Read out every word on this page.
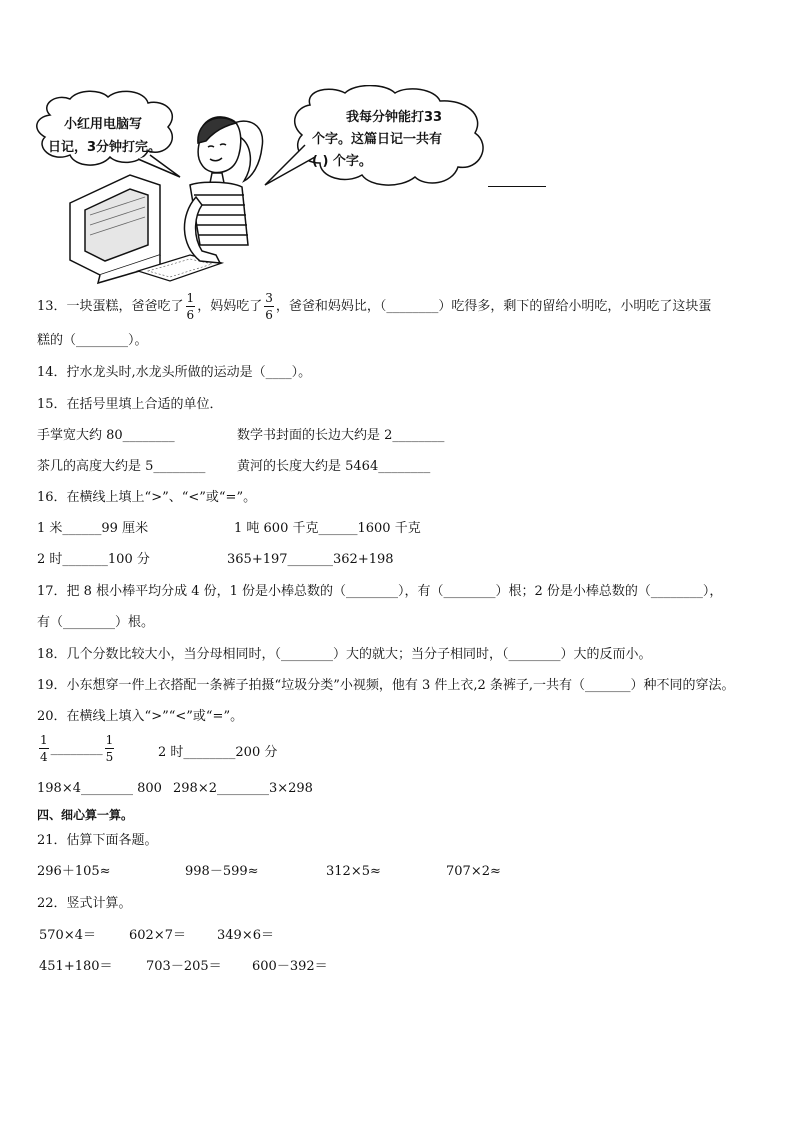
小红用电脑写
日记，3分钟打完。
我每分钟能打33
个字。这篇日记一共有
( ) 个字。
13．一块蛋糕，爸爸吃了 $\frac{1}{6}$ ，妈妈吃了 $\frac{3}{6}$ ，爸爸和妈妈比，（________）吃得多，剩下的留给小明吃，小明吃了这块蛋
糕的（________）。
14．拧水龙头时,水龙头所做的运动是（____）。
15．在括号里填上合适的单位．
手掌宽大约 80________	数学书封面的长边大约是 2________
茶几的高度大约是 5________ 黄河的长度大约是 5464________
16．在横线上填上“>”、“<”或“=”。
1 米______99 厘米	1 吨 600 千克______1600 千克
2 时_______100 分	365+197_______362+198
17．把 8 根小棒平均分成 4 份，1 份是小棒总数的（________），有（________）根；2 份是小棒总数的（________），
有（________）根。
18．几个分数比较大小，当分母相同时，（________）大的就大；当分子相同时，（________）大的反而小。
19．小东想穿一件上衣搭配一条裤子拍摄“垃圾分类”小视频，他有 3 件上衣,2 条裤子,一共有（_______）种不同的穿法。
20．在横线上填入“>”“<”或“=”。
$\frac{1}{4}$ ________ $\frac{1}{5}$	2 时________200 分
198×4________ 800 298×2________3×298
四、细心算一算。
21．估算下面各题。
296＋105≈	998－599≈	312×5≈	707×2≈
22．竖式计算。
570×4＝	602×7＝ 349×6＝
451+180＝	703－205＝ 600－392＝
